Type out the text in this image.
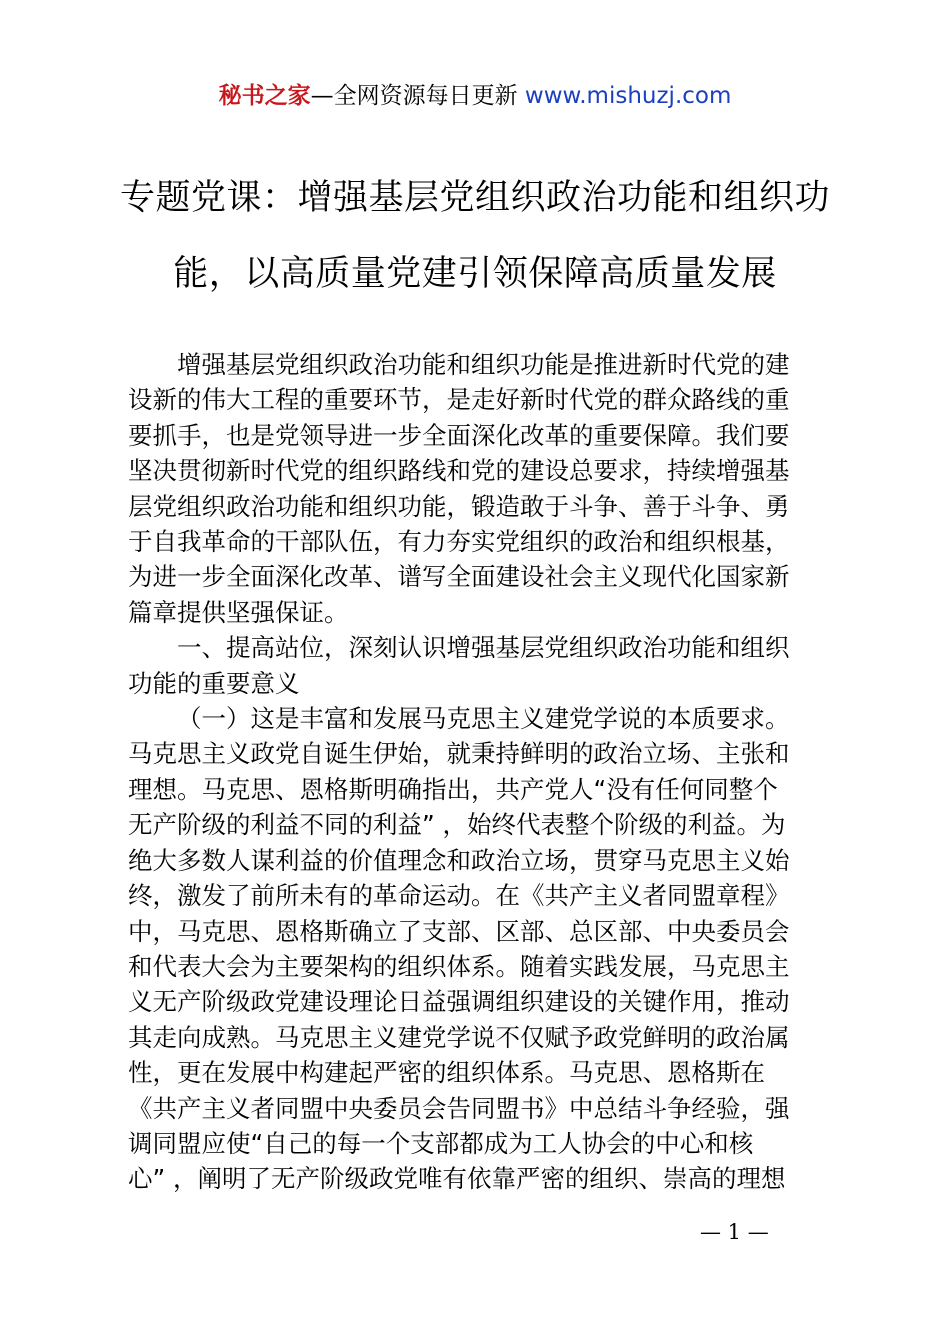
秘书之家—全网资源每日更新 www.mishuzj.com
专题党课：增强基层党组织政治功能和组织功
能，以高质量党建引领保障高质量发展
增强基层党组织政治功能和组织功能是推进新时代党的建
设新的伟大工程的重要环节，是走好新时代党的群众路线的重
要抓手，也是党领导进一步全面深化改革的重要保障。我们要
坚决贯彻新时代党的组织路线和党的建设总要求，持续增强基
层党组织政治功能和组织功能，锻造敢于斗争、善于斗争、勇
于自我革命的干部队伍，有力夯实党组织的政治和组织根基，
为进一步全面深化改革、谱写全面建设社会主义现代化国家新
篇章提供坚强保证。
一、提高站位，深刻认识增强基层党组织政治功能和组织
功能的重要意义
（一）这是丰富和发展马克思主义建党学说的本质要求。
马克思主义政党自诞生伊始，就秉持鲜明的政治立场、主张和
理想。马克思、恩格斯明确指出，共产党人“没有任何同整个
无产阶级的利益不同的利益” ，始终代表整个阶级的利益。为
绝大多数人谋利益的价值理念和政治立场，贯穿马克思主义始
终，激发了前所未有的革命运动。在《共产主义者同盟章程》
中，马克思、恩格斯确立了支部、区部、总区部、中央委员会
和代表大会为主要架构的组织体系。随着实践发展，马克思主
义无产阶级政党建设理论日益强调组织建设的关键作用，推动
其走向成熟。马克思主义建党学说不仅赋予政党鲜明的政治属
性，更在发展中构建起严密的组织体系。马克思、恩格斯在
《共产主义者同盟中央委员会告同盟书》中总结斗争经验，强
调同盟应使“自己的每一个支部都成为工人协会的中心和核
心” ，阐明了无产阶级政党唯有依靠严密的组织、崇高的理想
— 1 —
